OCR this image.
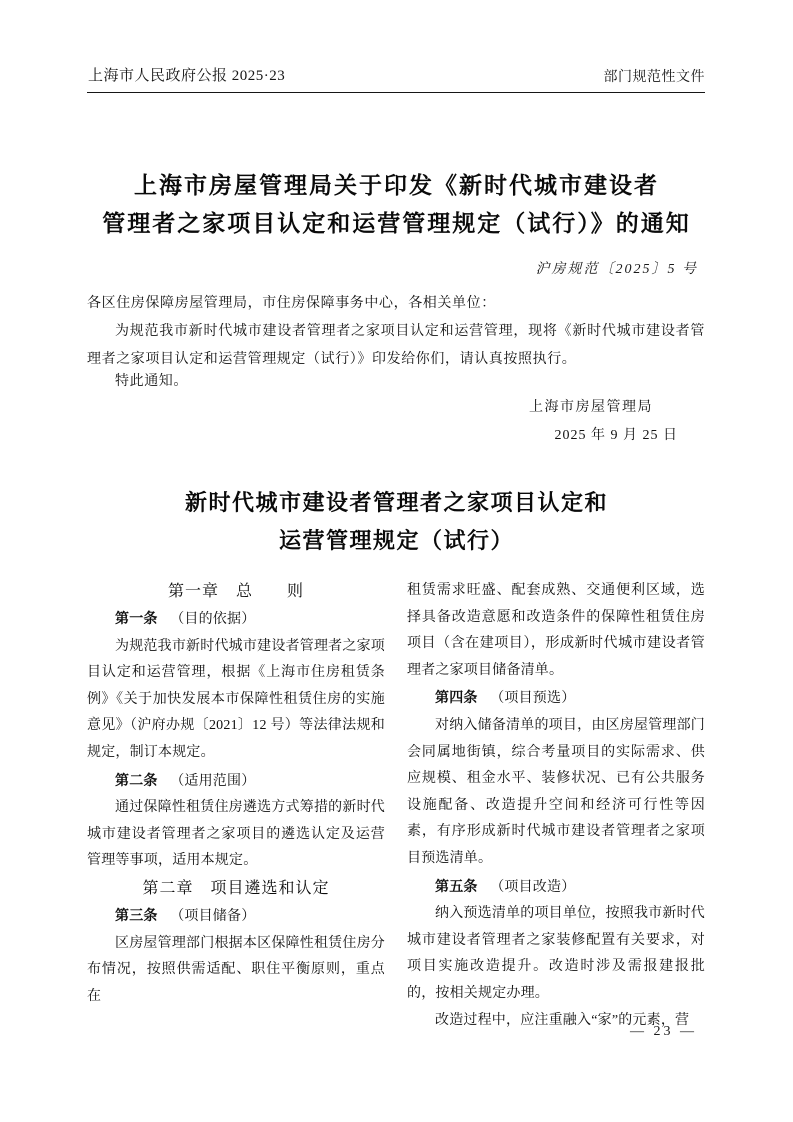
上海市人民政府公报 2025·23	部门规范性文件
上海市房屋管理局关于印发《新时代城市建设者
管理者之家项目认定和运营管理规定（试行）》的通知
沪房规范〔2025〕5 号
各区住房保障房屋管理局，市住房保障事务中心，各相关单位：
为规范我市新时代城市建设者管理者之家项目认定和运营管理，现将《新时代城市建设者管理者之家项目认定和运营管理规定（试行）》印发给你们，请认真按照执行。
特此通知。
上海市房屋管理局
2025 年 9 月 25 日
新时代城市建设者管理者之家项目认定和
运营管理规定（试行）
第一章　总　　则

第一条 （目的依据）

为规范我市新时代城市建设者管理者之家项目认定和运营管理，根据《上海市住房租赁条例》《关于加快发展本市保障性租赁住房的实施意见》（沪府办规〔2021〕12 号）等法律法规和规定，制订本规定。

第二条 （适用范围）

通过保障性租赁住房遴选方式筹措的新时代城市建设者管理者之家项目的遴选认定及运营管理等事项，适用本规定。

第二章　项目遴选和认定

第三条 （项目储备）

区房屋管理部门根据本区保障性租赁住房分布情况，按照供需适配、职住平衡原则，重点在

租赁需求旺盛、配套成熟、交通便利区域，选择具备改造意愿和改造条件的保障性租赁住房项目（含在建项目），形成新时代城市建设者管理者之家项目储备清单。

第四条 （项目预选）

对纳入储备清单的项目，由区房屋管理部门会同属地街镇，综合考量项目的实际需求、供应规模、租金水平、装修状况、已有公共服务设施配备、改造提升空间和经济可行性等因素，有序形成新时代城市建设者管理者之家项目预选清单。

第五条 （项目改造）

纳入预选清单的项目单位，按照我市新时代城市建设者管理者之家装修配置有关要求，对项目实施改造提升。改造时涉及需报建报批的，按相关规定办理。

改造过程中，应注重融入“家”的元素，营

— 23 —
